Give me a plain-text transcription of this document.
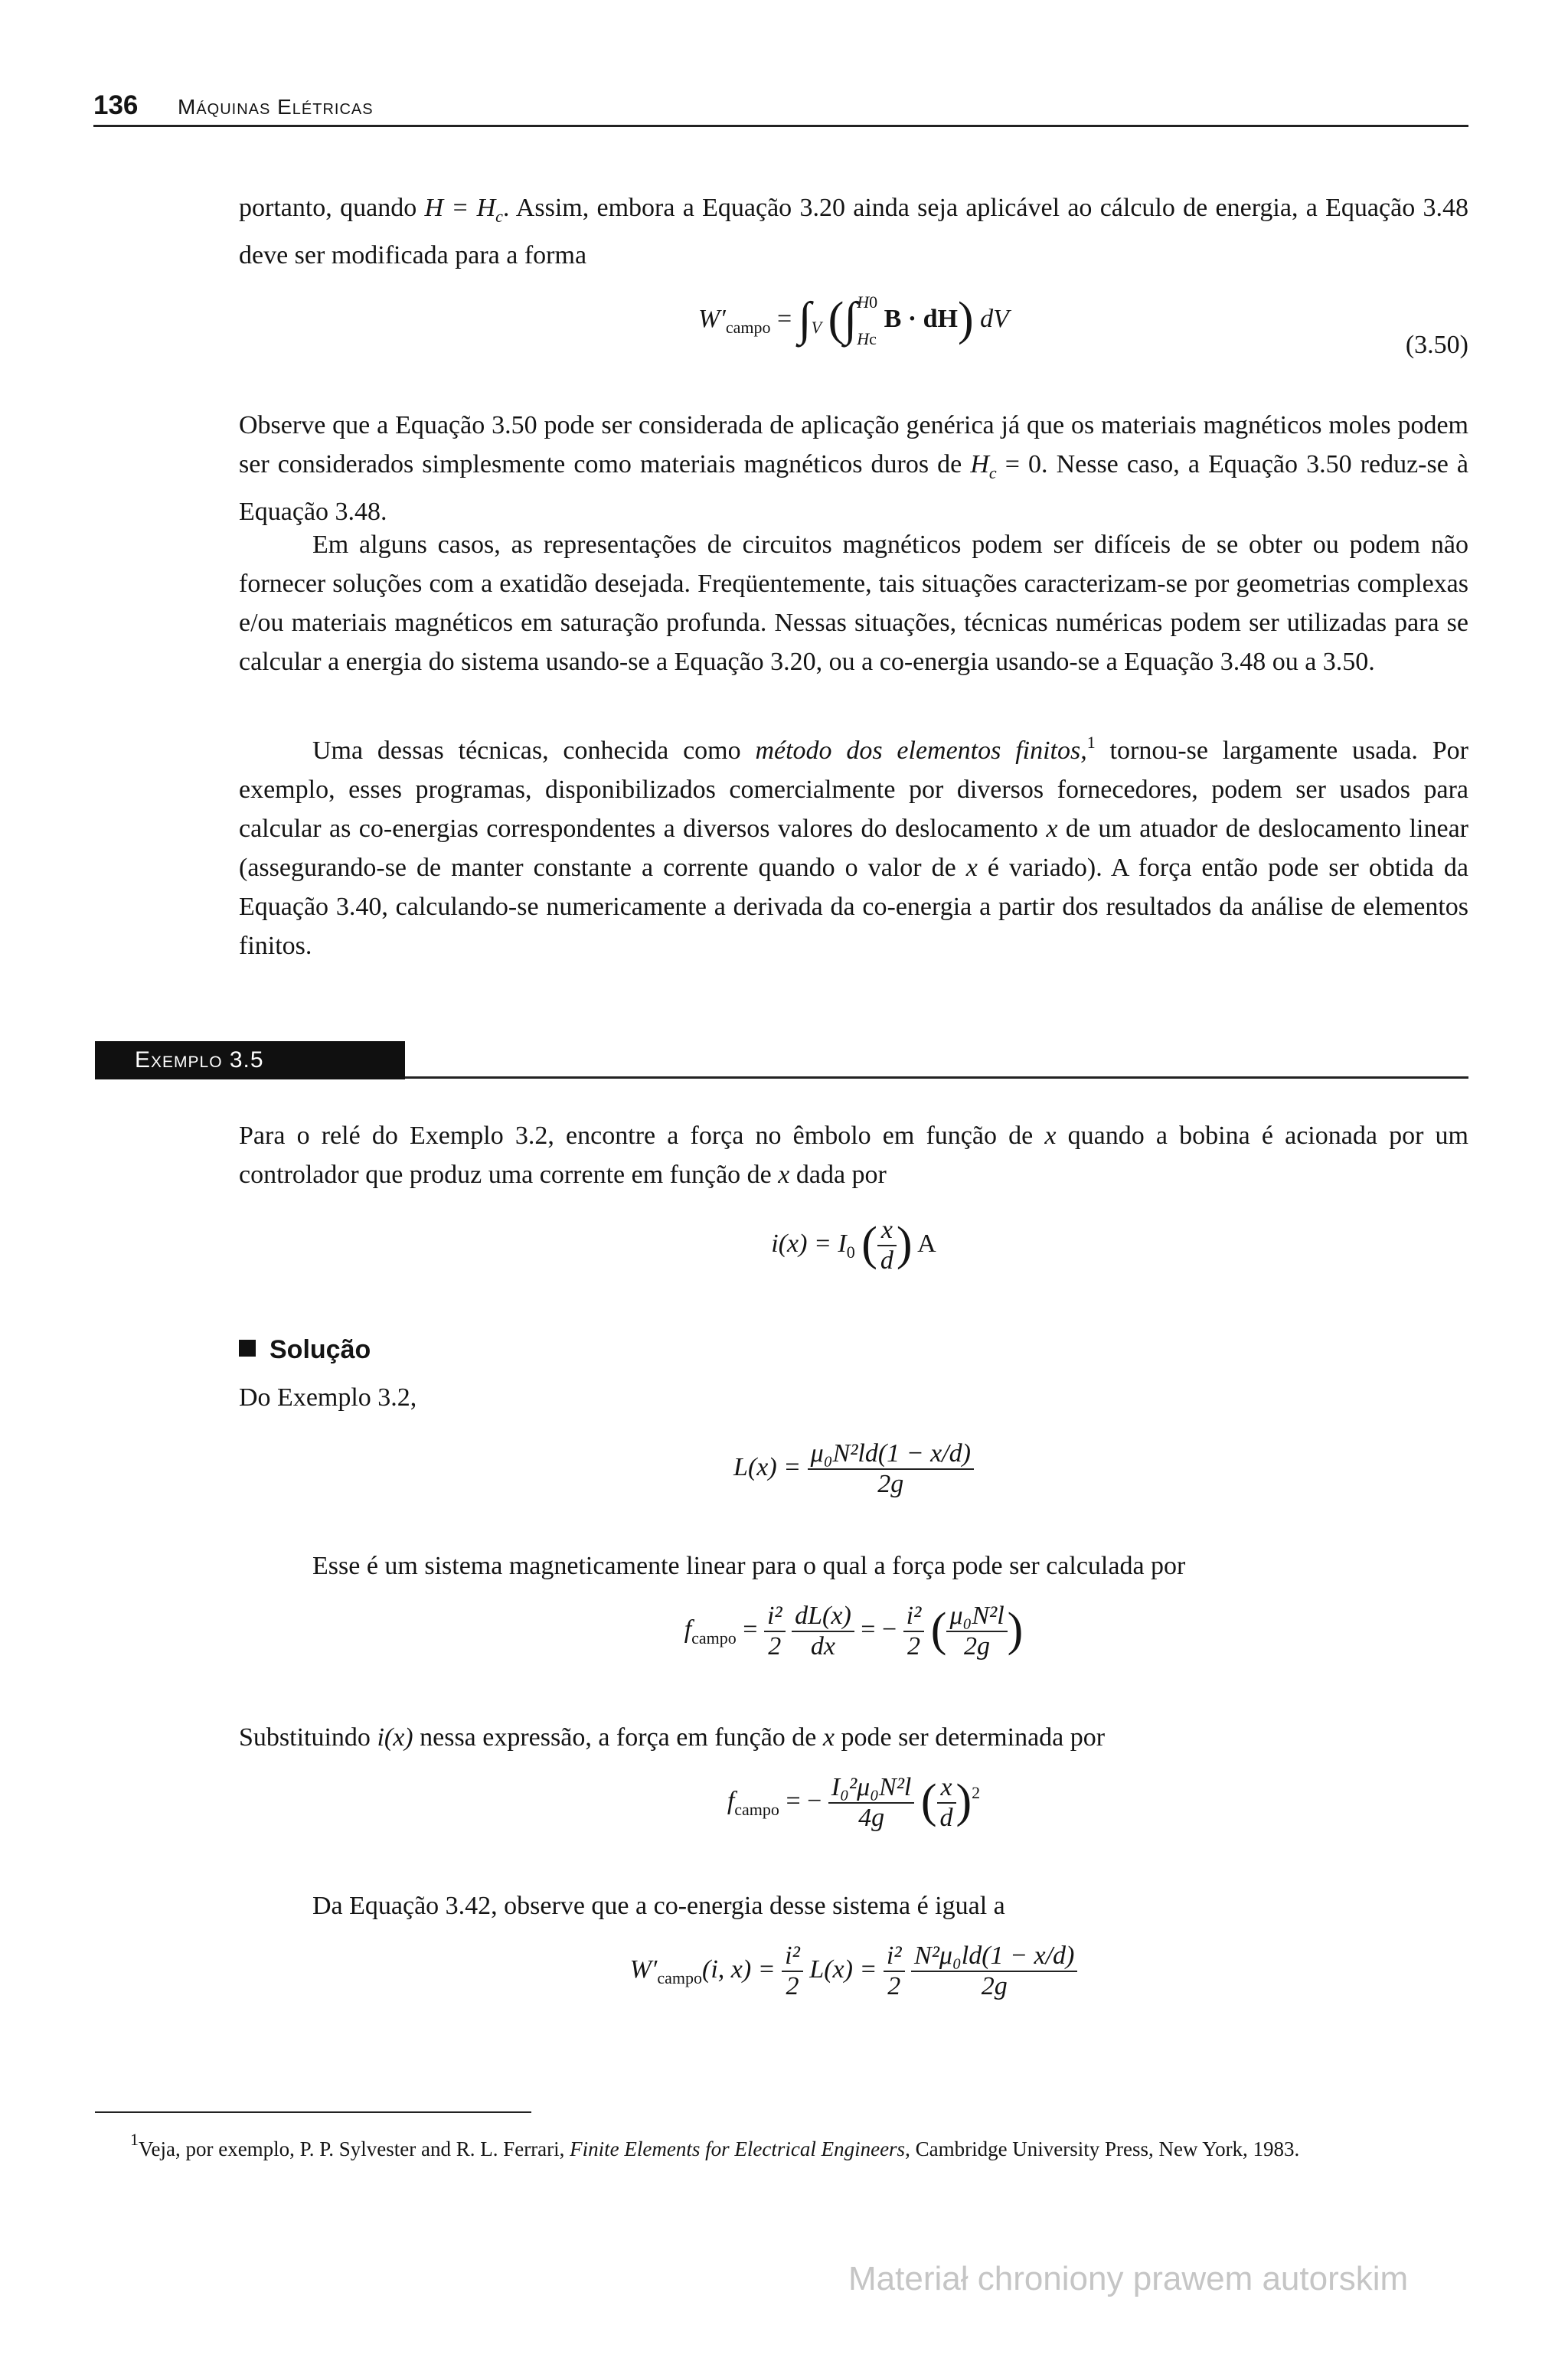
136 Máquinas Elétricas
portanto, quando $H = H_c$. Assim, embora a Equação 3.20 ainda seja aplicável ao cálculo de energia, a Equação 3.48 deve ser modificada para a forma
$W'_{campo} = \int_V$ (∫ H0
Hc
B · dH) dV
(3.50)
Observe que a Equação 3.50 pode ser considerada de aplicação genérica já que os materiais magnéticos moles podem ser considerados simplesmente como materiais magnéticos duros de $H_c = 0$. Nesse caso, a Equação 3.50 reduz-se à Equação 3.48.
Em alguns casos, as representações de circuitos magnéticos podem ser difíceis de se obter ou podem não fornecer soluções com a exatidão desejada. Freqüentemente, tais situações caracterizam-se por geometrias complexas e/ou materiais magnéticos em saturação profunda. Nessas situações, técnicas numéricas podem ser utilizadas para se calcular a energia do sistema usando-se a Equação 3.20, ou a co-energia usando-se a Equação 3.48 ou a 3.50.
Uma dessas técnicas, conhecida como método dos elementos finitos,$^1$ tornou-se largamente usada. Por exemplo, esses programas, disponibilizados comercialmente por diversos fornecedores, podem ser usados para calcular as co-energias correspondentes a diversos valores do deslocamento x de um atuador de deslocamento linear (assegurando-se de manter constante a corrente quando o valor de x é variado). A força então pode ser obtida da Equação 3.40, calculando-se numericamente a derivada da co-energia a partir dos resultados da análise de elementos finitos.
Exemplo 3.5
Para o relé do Exemplo 3.2, encontre a força no êmbolo em função de x quando a bobina é acionada por um controlador que produz uma corrente em função de x dada por
$i(x) = I_0$ ( $\frac{x}{d}$ ) A
Solução
Do Exemplo 3.2,
$L(x) = \frac{\text{μ₀N²ld(1 − x/d)}}{2g}$
Esse é um sistema magneticamente linear para o qual a força pode ser calculada por
$f_{campo} = \frac{\text{i²}}{2}$
$\frac{dL(x)}{dx}$ = − $\frac{\text{i²}}{2}$ ( $\frac{\text{μ₀N²l}}{2g}$ )
Substituindo i(x) nessa expressão, a força em função de x pode ser determinada por
$f_{campo}$ = − $\frac{\text{I₀²μ₀N²l}}{4g}$ ( $\frac{x}{d} )^2$
Da Equação 3.42, observe que a co-energia desse sistema é igual a
$W'_{campo}(i$, $x) = \frac{\text{i²}}{2} L(x) = \frac{\text{i²}}{2}$
$\frac{\text{N²μ₀ld(1 − x/d)}}{2g}$
$^1$Veja, por exemplo, P. P. Sylvester and R. L. Ferrari, Finite Elements for Electrical Engineers, Cambridge University Press, New York, 1983.
Materiał chroniony prawem autorskim
